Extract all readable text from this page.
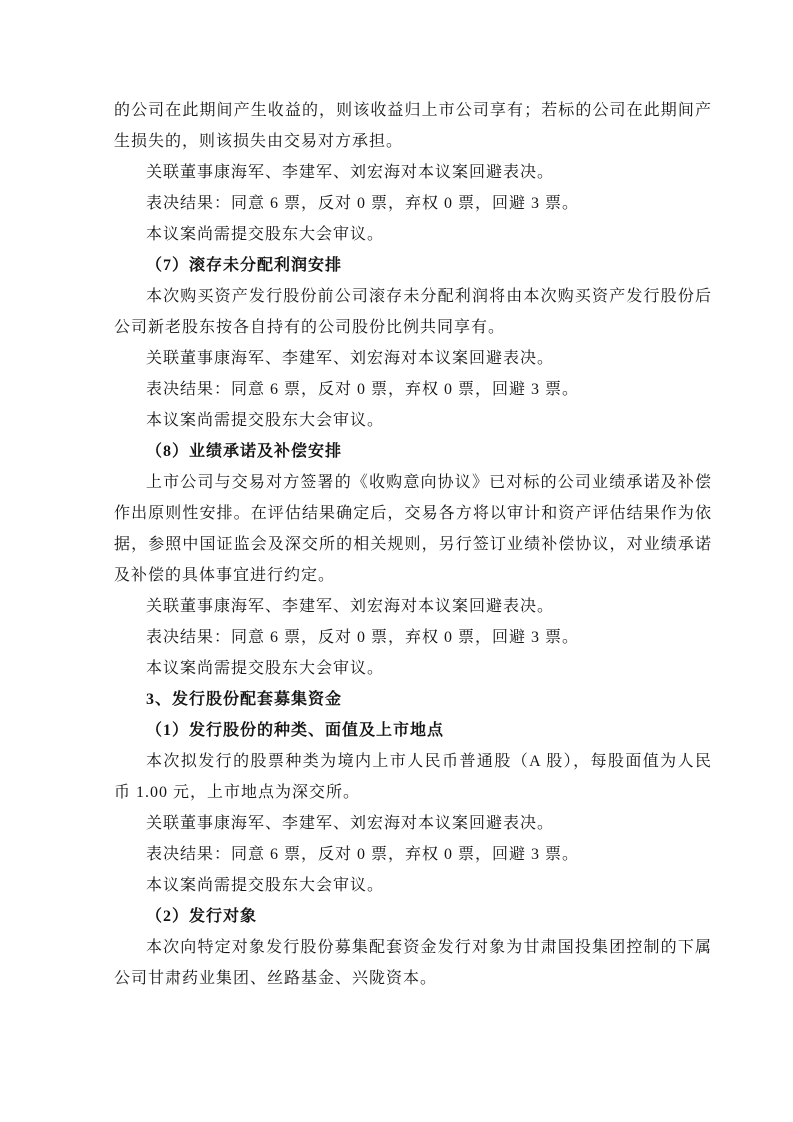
的公司在此期间产生收益的，则该收益归上市公司享有；若标的公司在此期间产生损失的，则该损失由交易对方承担。

关联董事康海军、李建军、刘宏海对本议案回避表决。

表决结果：同意 6 票，反对 0 票，弃权 0 票，回避 3 票。

本议案尚需提交股东大会审议。

（7）滚存未分配利润安排

本次购买资产发行股份前公司滚存未分配利润将由本次购买资产发行股份后公司新老股东按各自持有的公司股份比例共同享有。

关联董事康海军、李建军、刘宏海对本议案回避表决。

表决结果：同意 6 票，反对 0 票，弃权 0 票，回避 3 票。

本议案尚需提交股东大会审议。

（8）业绩承诺及补偿安排

上市公司与交易对方签署的《收购意向协议》已对标的公司业绩承诺及补偿作出原则性安排。在评估结果确定后，交易各方将以审计和资产评估结果作为依据，参照中国证监会及深交所的相关规则，另行签订业绩补偿协议，对业绩承诺及补偿的具体事宜进行约定。

关联董事康海军、李建军、刘宏海对本议案回避表决。

表决结果：同意 6 票，反对 0 票，弃权 0 票，回避 3 票。

本议案尚需提交股东大会审议。

3、发行股份配套募集资金

（1）发行股份的种类、面值及上市地点

本次拟发行的股票种类为境内上市人民币普通股（A 股），每股面值为人民币 1.00 元，上市地点为深交所。

关联董事康海军、李建军、刘宏海对本议案回避表决。

表决结果：同意 6 票，反对 0 票，弃权 0 票，回避 3 票。

本议案尚需提交股东大会审议。

（2）发行对象

本次向特定对象发行股份募集配套资金发行对象为甘肃国投集团控制的下属公司甘肃药业集团、丝路基金、兴陇资本。
